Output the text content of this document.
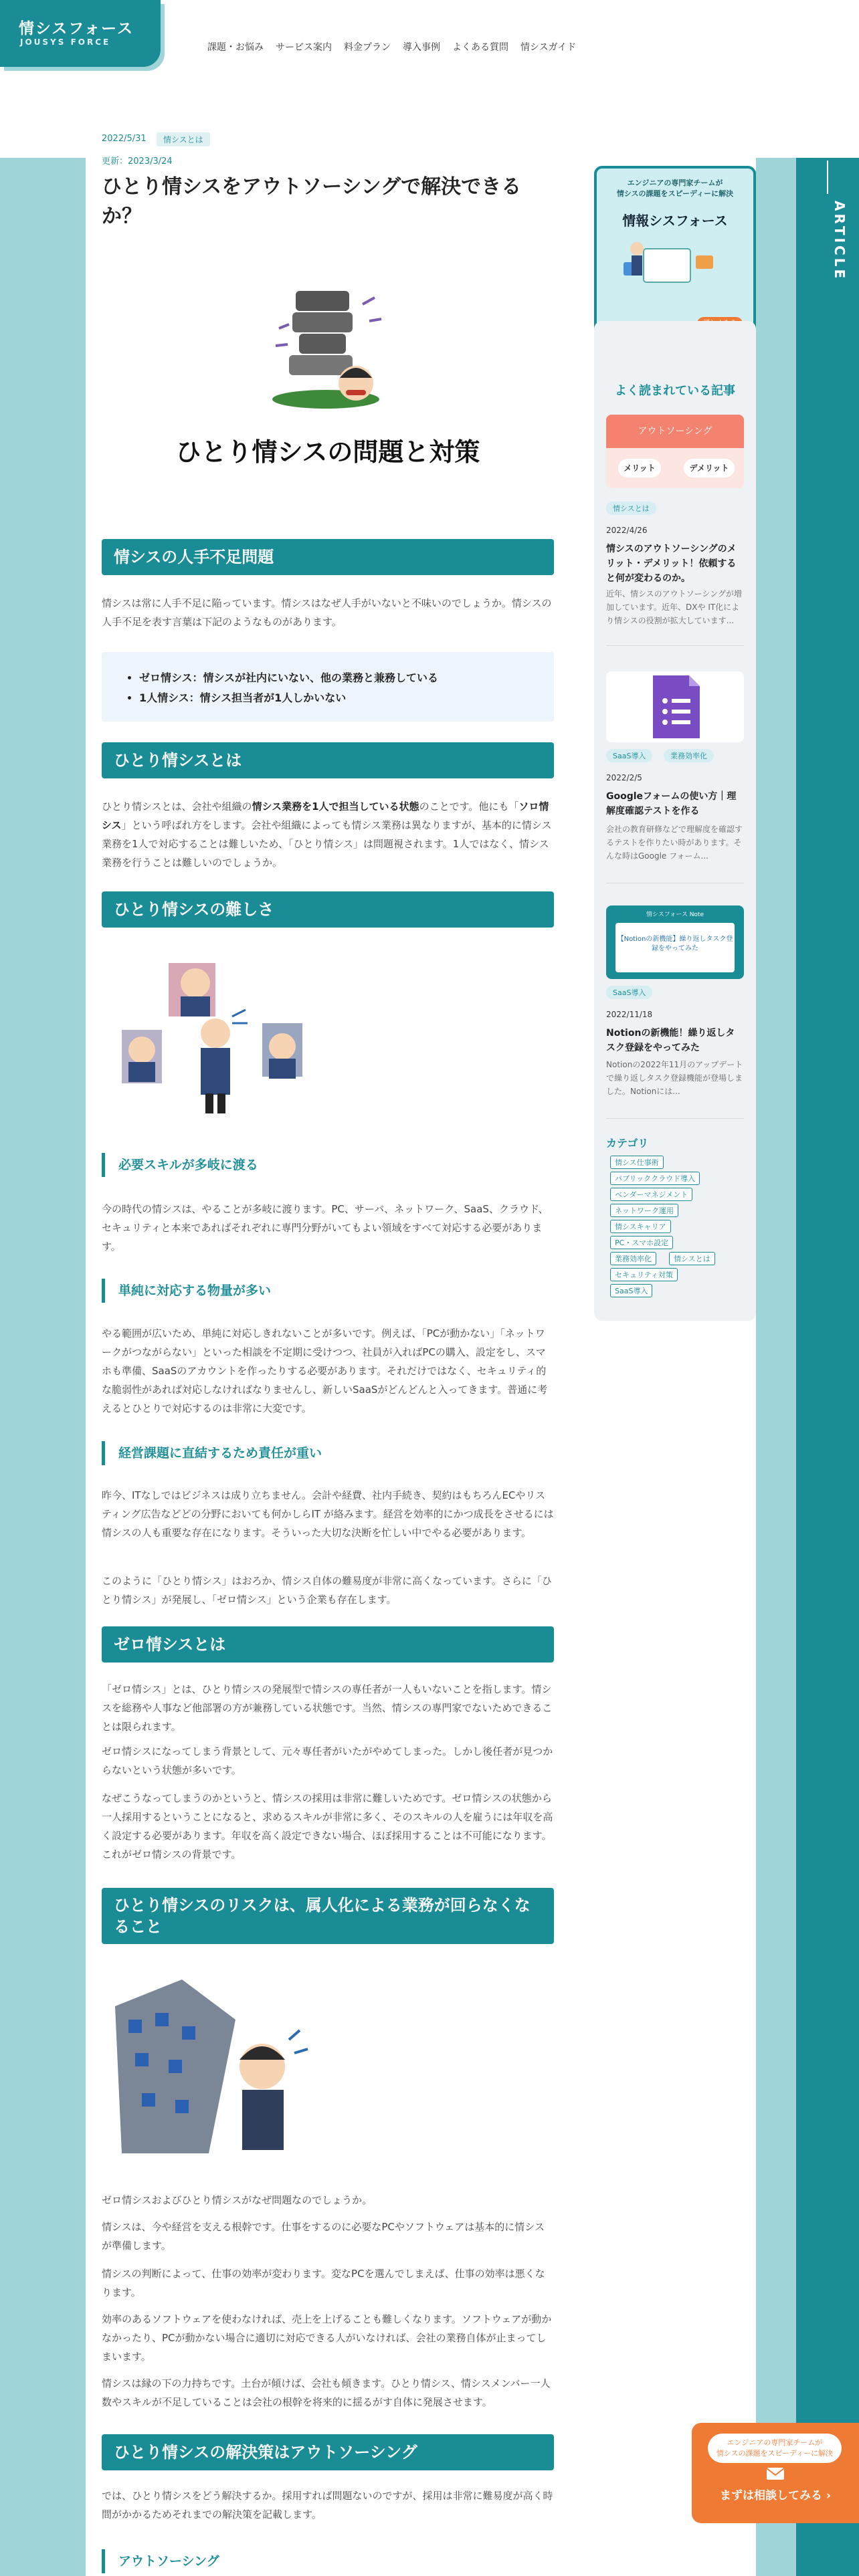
ARTICLE
情シスフォース
JOUSYS FORCE	課題・お悩み サービス案内 料金プラン 導入事例 よくある質問 情シスガイド
2022/5/31	情シスとは
更新：2023/3/24
ひとり情シスをアウトソーシングで解決できるか？
ひとり情シスの問題と対策
情シスの人手不足問題
情シスは常に人手不足に陥っています。情シスはなぜ人手がいないと不味いのでしょうか。情シスの人手不足を表す言葉は下記のようなものがあります。
• ゼロ情シス：情シスが社内にいない、他の業務と兼務している
• 1人情シス：情シス担当者が1人しかいない
ひとり情シスとは
ひとり情シスとは、会社や組織の情シス業務を1人で担当している状態のことです。他にも「ソロ情シス」という呼ばれ方をします。会社や組織によっても情シス業務は異なりますが、基本的に情シス業務を1人で対応することは難しいため、「ひとり情シス」は問題視されます。1人ではなく、情シス業務を行うことは難しいのでしょうか。
ひとり情シスの難しさ
必要スキルが多岐に渡る
今の時代の情シスは、やることが多岐に渡ります。PC、サーバ、ネットワーク、SaaS、クラウド、セキュリティと本来であればそれぞれに専門分野がいてもよい領域をすべて対応する必要があります。
単純に対応する物量が多い
やる範囲が広いため、単純に対応しきれないことが多いです。例えば、「PCが動かない」「ネットワークがつながらない」といった相談を不定期に受けつつ、社員が入ればPCの購入、設定をし、スマホも準備、SaaSのアカウントを作ったりする必要があります。それだけではなく、セキュリティ的な脆弱性があれば対応しなければなりませんし、新しいSaaSがどんどんと入ってきます。普通に考えるとひとりで対応するのは非常に大変です。
経営課題に直結するため責任が重い
昨今、ITなしではビジネスは成り立ちません。会計や経費、社内手続き、契約はもちろんECやリスティング広告などどの分野においても何かしらIT が絡みます。経営を効率的にかつ成長をさせるには情シスの人も重要な存在になります。そういった大切な決断を忙しい中でやる必要があります。
このように「ひとり情シス」はおろか、情シス自体の難易度が非常に高くなっています。さらに「ひとり情シス」が発展し、「ゼロ情シス」という企業も存在します。
ゼロ情シスとは
「ゼロ情シス」とは、ひとり情シスの発展型で情シスの専任者が一人もいないことを指します。情シスを総務や人事など他部署の方が兼務している状態です。当然、情シスの専門家でないためできることは限られます。
ゼロ情シスになってしまう背景として、元々専任者がいたがやめてしまった。しかし後任者が見つからないという状態が多いです。
なぜこうなってしまうのかというと、情シスの採用は非常に難しいためです。ゼロ情シスの状態から一人採用するということになると、求めるスキルが非常に多く、そのスキルの人を雇うには年収を高く設定する必要があります。年収を高く設定できない場合、ほぼ採用することは不可能になります。これがゼロ情シスの背景です。
ひとり情シスのリスクは、属人化による業務が回らなくなること
ゼロ情シスおよびひとり情シスがなぜ問題なのでしょうか。
情シスは、今や経営を支える根幹です。仕事をするのに必要なPCやソフトウェアは基本的に情シスが準備します。
情シスの判断によって、仕事の効率が変わります。変なPCを選んでしまえば、仕事の効率は悪くなります。
効率のあるソフトウェアを使わなければ、売上を上げることも難しくなります。ソフトウェアが動かなかったり、PCが動かない場合に適切に対応できる人がいなければ、会社の業務自体が止まってしまいます。
情シスは縁の下の力持ちです。土台が傾けば、会社も傾きます。ひとり情シス、情シスメンバー一人数やスキルが不足していることは会社の根幹を将来的に揺るがす自体に発展させます。
ひとり情シスの解決策はアウトソーシング
では、ひとり情シスをどう解決するか。採用すれば問題ないのですが、採用は非常に難易度が高く時間がかかるためそれまでの解決策を記載します。
アウトソーシング
エンジニアの専門家チームが
情シスの課題をスピーディーに解決
情報シスフォース
よく読まれている記事
アウトソーシング
メリット	デメリット
情シスとは
2022/4/26
情シスのアウトソーシングのメリット・デメリット！依頼すると何が変わるのか。
近年、情シスのアウトソーシングが増加しています。近年、DXや IT化により情シスの役割が拡大しています...
SaaS導入	業務効率化
2022/2/5
Googleフォームの使い方｜理解度確認テストを作る
会社の教育研修などで理解度を確認するテストを作りたい時があります。そんな時はGoogle フォーム...
情シスフォース Note
【Notionの新機能】繰り返しタスク登録をやってみた
SaaS導入
2022/11/18
Notionの新機能！繰り返しタスク登録をやってみた
Notionの2022年11月のアップデートで繰り返しタスク登録機能が登場しました。Notionには...
カテゴリ
情シス仕事術
パブリッククラウド導入
ベンダーマネジメント
ネットワーク運用
情シスキャリア
PC・スマホ設定
業務効率化	情シスとは
セキュリティ対策
SaaS導入
エンジニアの専門家チームが
情シスの課題をスピーディーに解決
まずは相談してみる ›
